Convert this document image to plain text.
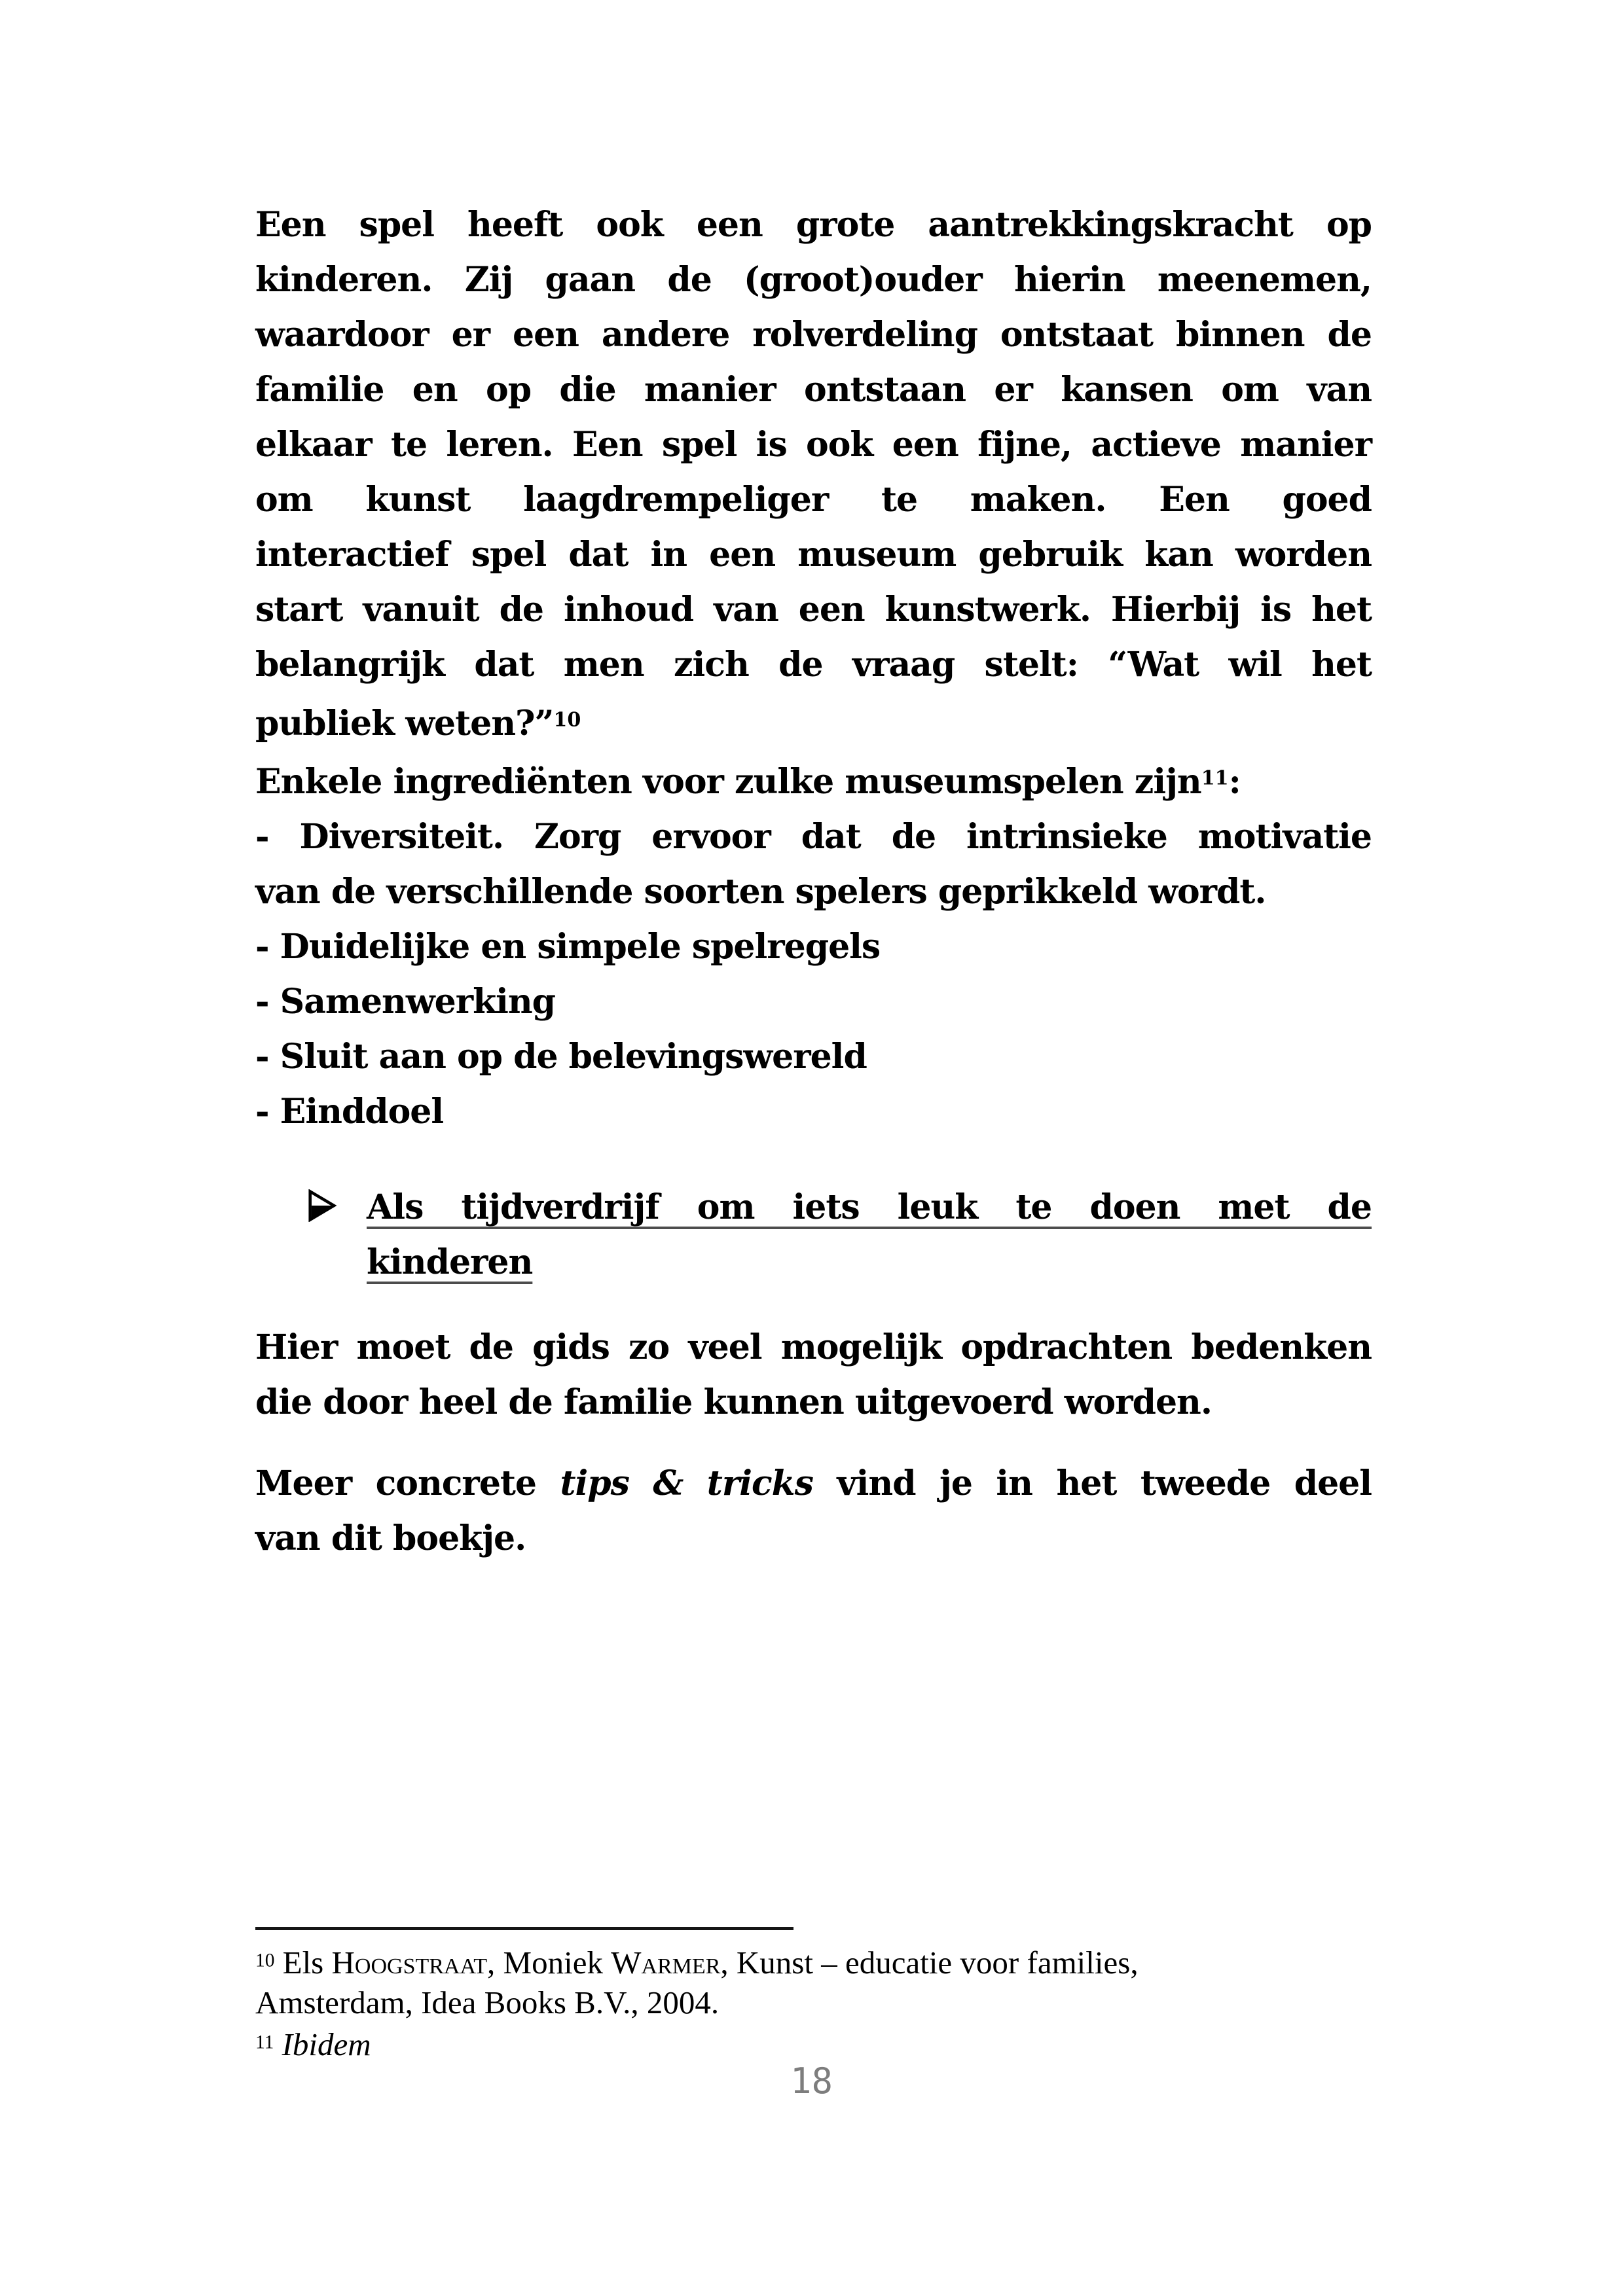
Een spel heeft ook een grote aantrekkingskracht op
kinderen. Zij gaan de (groot)ouder hierin meenemen,
waardoor er een andere rolverdeling ontstaat binnen de
familie en op die manier ontstaan er kansen om van
elkaar te leren. Een spel is ook een fijne, actieve manier
om kunst laagdrempeliger te maken. Een goed
interactief spel dat in een museum gebruik kan worden
start vanuit de inhoud van een kunstwerk. Hierbij is het
belangrijk dat men zich de vraag stelt: “Wat wil het
publiek weten?”$^{10}$
Enkele ingrediënten voor zulke museumspelen zijn$^{11}$:
- Diversiteit. Zorg ervoor dat de intrinsieke motivatie
van de verschillende soorten spelers geprikkeld wordt.
- Duidelijke en simpele spelregels
- Samenwerking
- Sluit aan op de belevingswereld
- Einddoel
Als tijdverdrijf om iets leuk te doen met de
kinderen
Hier moet de gids zo veel mogelijk opdrachten bedenken
die door heel de familie kunnen uitgevoerd worden.
Meer concrete tips & tricks vind je in het tweede deel
van dit boekje.
$^{10}$ Els Hoogstraat, Moniek Warmer, Kunst – educatie voor families,
Amsterdam, Idea Books B.V., 2004.
$^{11}$ Ibidem
18
